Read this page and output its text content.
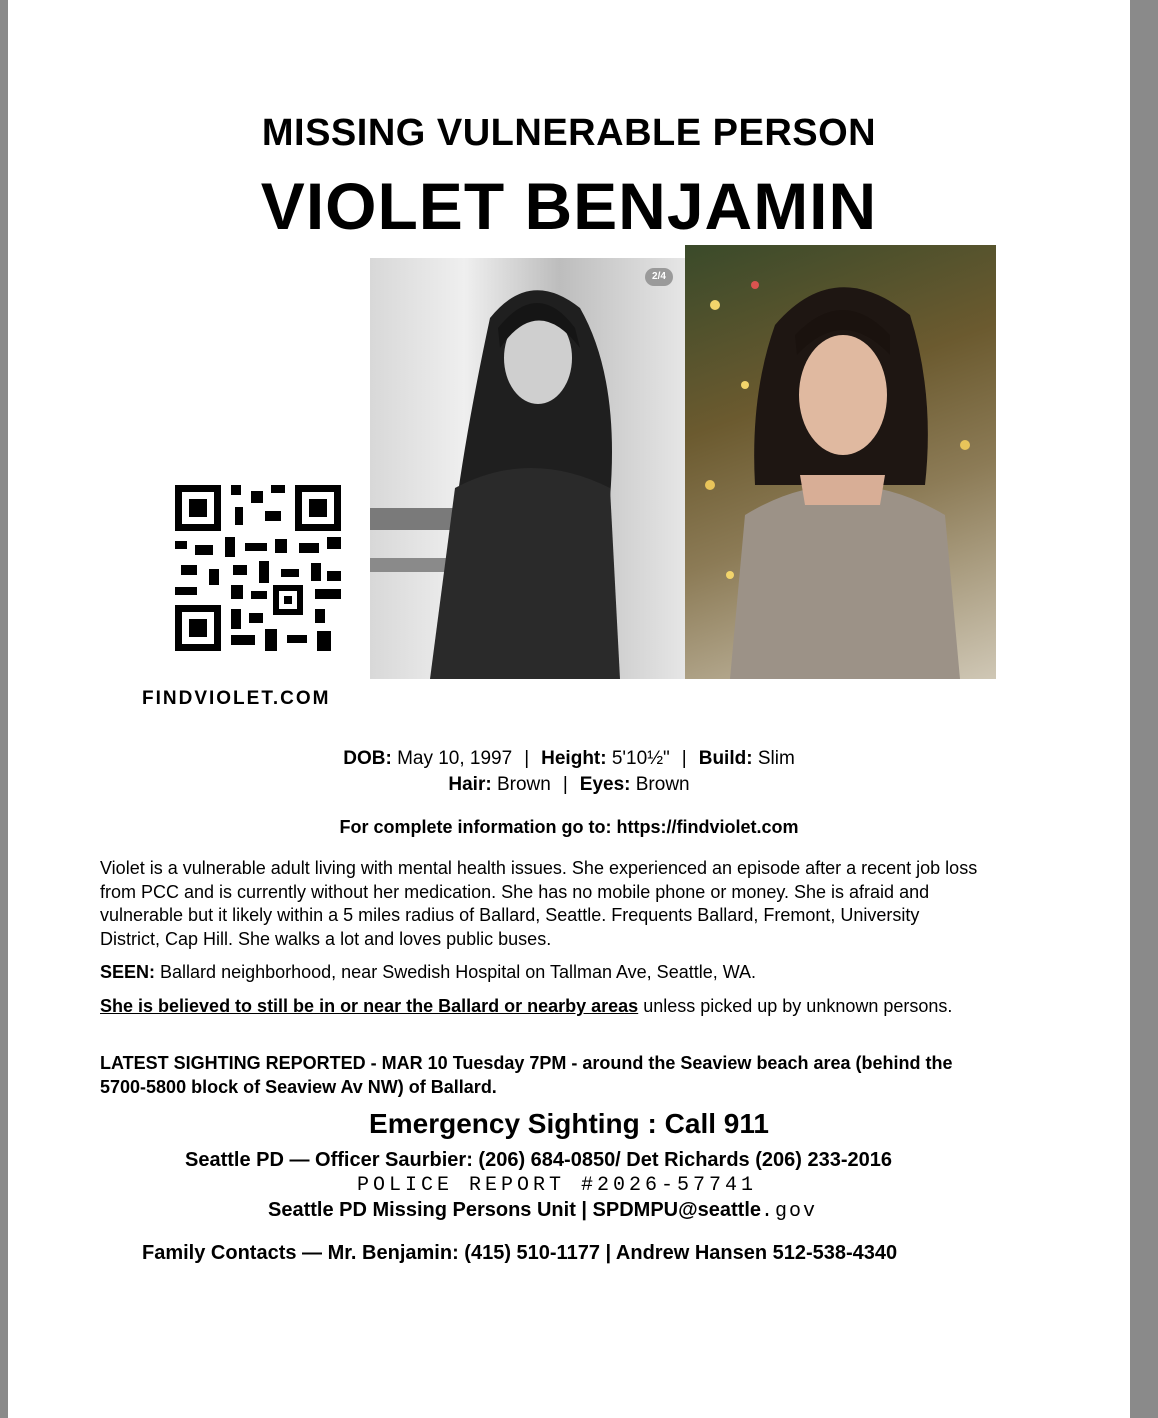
MISSING VULNERABLE PERSON
VIOLET BENJAMIN
2/4
FINDVIOLET.COM
DOB: May 10, 1997 | Height: 5'10½" | Build: Slim
Hair: Brown | Eyes: Brown
For complete information go to: https://findviolet.com
Violet is a vulnerable adult living with mental health issues. She experienced an episode after a recent job loss from PCC and is currently without her medication. She has no mobile phone or money. She is afraid and vulnerable but it likely within a 5 miles radius of Ballard, Seattle. Frequents Ballard, Fremont, University District, Cap Hill. She walks a lot and loves public buses.
SEEN: Ballard neighborhood, near Swedish Hospital on Tallman Ave, Seattle, WA.
She is believed to still be in or near the Ballard or nearby areas unless picked up by unknown persons.
LATEST SIGHTING REPORTED - MAR 10 Tuesday 7PM - around the Seaview beach area (behind the 5700-5800 block of Seaview Av NW) of Ballard.
Emergency Sighting : Call 911
Seattle PD — Officer Saurbier: (206) 684-0850/ Det Richards (206) 233-2016
POLICE REPORT #2026-57741
Seattle PD Missing Persons Unit | SPDMPU@seattle.gov
Family Contacts — Mr. Benjamin: (415) 510-1177 | Andrew Hansen 512-538-4340
